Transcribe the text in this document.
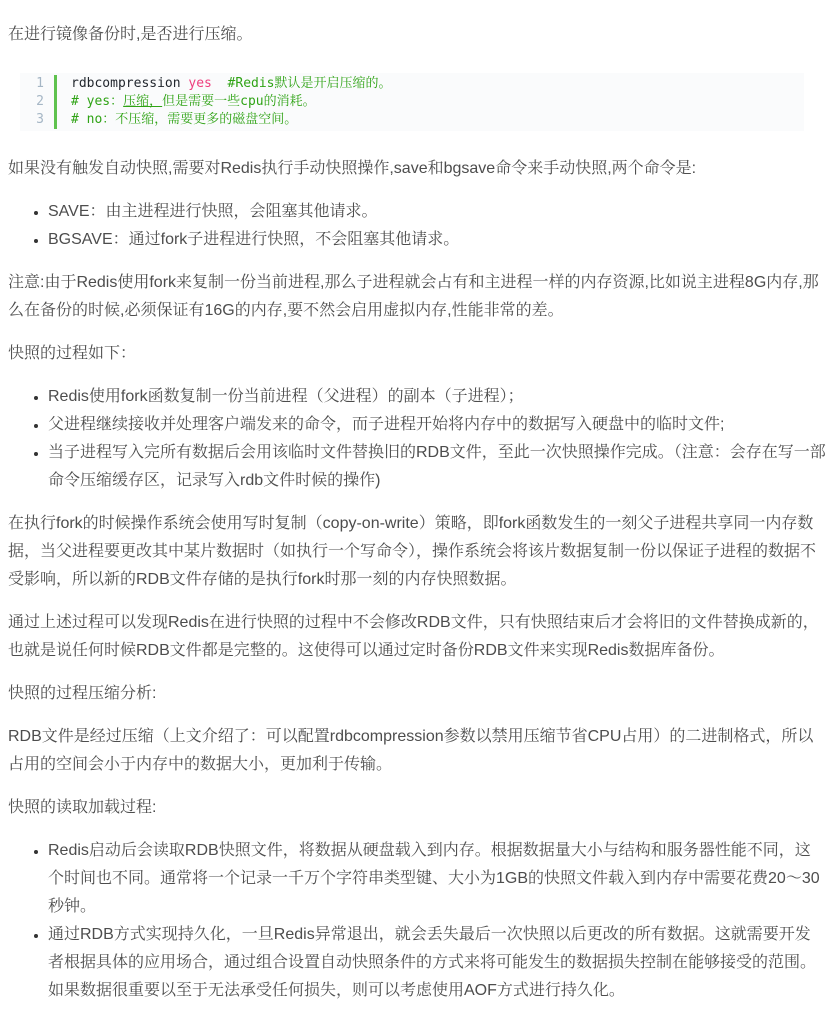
在进行镜像备份时,是否进行压缩。

1	rdbcompression yes #Redis默认是开启压缩的。
2	# yes：压缩，但是需要一些cpu的消耗。
3	# no：不压缩，需要更多的磁盘空间。

如果没有触发自动快照,需要对Redis执行手动快照操作,save和bgsave命令来手动快照,两个命令是:

• SAVE：由主进程进行快照，会阻塞其他请求。
• BGSAVE：通过fork子进程进行快照，不会阻塞其他请求。

注意:由于Redis使用fork来复制一份当前进程,那么子进程就会占有和主进程一样的内存资源,比如说主进程8G内存,那么在备份的时候,必须保证有16G的内存,要不然会启用虚拟内存,性能非常的差。

快照的过程如下：

• Redis使用fork函数复制一份当前进程（父进程）的副本（子进程）；
• 父进程继续接收并处理客户端发来的命令，而子进程开始将内存中的数据写入硬盘中的临时文件;
• 当子进程写入完所有数据后会用该临时文件替换旧的RDB文件，至此一次快照操作完成。（注意：会存在写一部命令压缩缓存区，记录写入rdb文件时候的操作)

在执行fork的时候操作系统会使用写时复制（copy-on-write）策略，即fork函数发生的一刻父子进程共享同一内存数据，当父进程要更改其中某片数据时（如执行一个写命令），操作系统会将该片数据复制一份以保证子进程的数据不受影响，所以新的RDB文件存储的是执行fork时那一刻的内存快照数据。

通过上述过程可以发现Redis在进行快照的过程中不会修改RDB文件，只有快照结束后才会将旧的文件替换成新的，也就是说任何时候RDB文件都是完整的。这使得可以通过定时备份RDB文件来实现Redis数据库备份。

快照的过程压缩分析:

RDB文件是经过压缩（上文介绍了：可以配置rdbcompression参数以禁用压缩节省CPU占用）的二进制格式，所以占用的空间会小于内存中的数据大小，更加利于传输。

快照的读取加载过程:

• Redis启动后会读取RDB快照文件，将数据从硬盘载入到内存。根据数据量大小与结构和服务器性能不同，这个时间也不同。通常将一个记录一千万个字符串类型键、大小为1GB的快照文件载入到内存中需要花费20～30秒钟。
• 通过RDB方式实现持久化，一旦Redis异常退出，就会丢失最后一次快照以后更改的所有数据。这就需要开发者根据具体的应用场合，通过组合设置自动快照条件的方式来将可能发生的数据损失控制在能够接受的范围。如果数据很重要以至于无法承受任何损失，则可以考虑使用AOF方式进行持久化。
